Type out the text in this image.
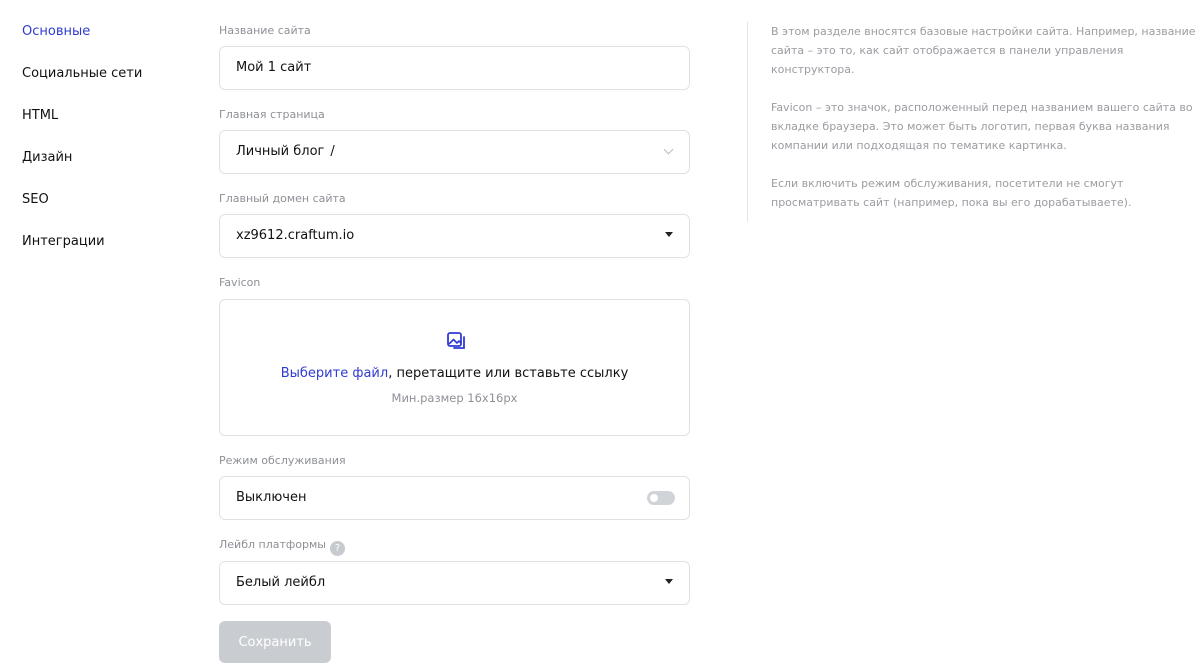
Основные
Социальные сети
HTML
Дизайн
SEO
Интеграции
Название сайта
Мой 1 сайт
Главная страница
Личный блог /
Главный домен сайта
xz9612.craftum.io
Favicon
Выберите файл, перетащите или вставьте ссылку
Мин.размер 16x16px
Режим обслуживания
Выключен
Лейбл платформы ?
Белый лейбл
Сохранить

В этом разделе вносятся базовые настройки сайта. Например, название сайта – это то, как сайт отображается в панели управления конструктора.

Favicon – это значок, расположенный перед названием вашего сайта во вкладке браузера. Это может быть логотип, первая буква названия компании или подходящая по тематике картинка.

Если включить режим обслуживания, посетители не смогут просматривать сайт (например, пока вы его дорабатываете).
